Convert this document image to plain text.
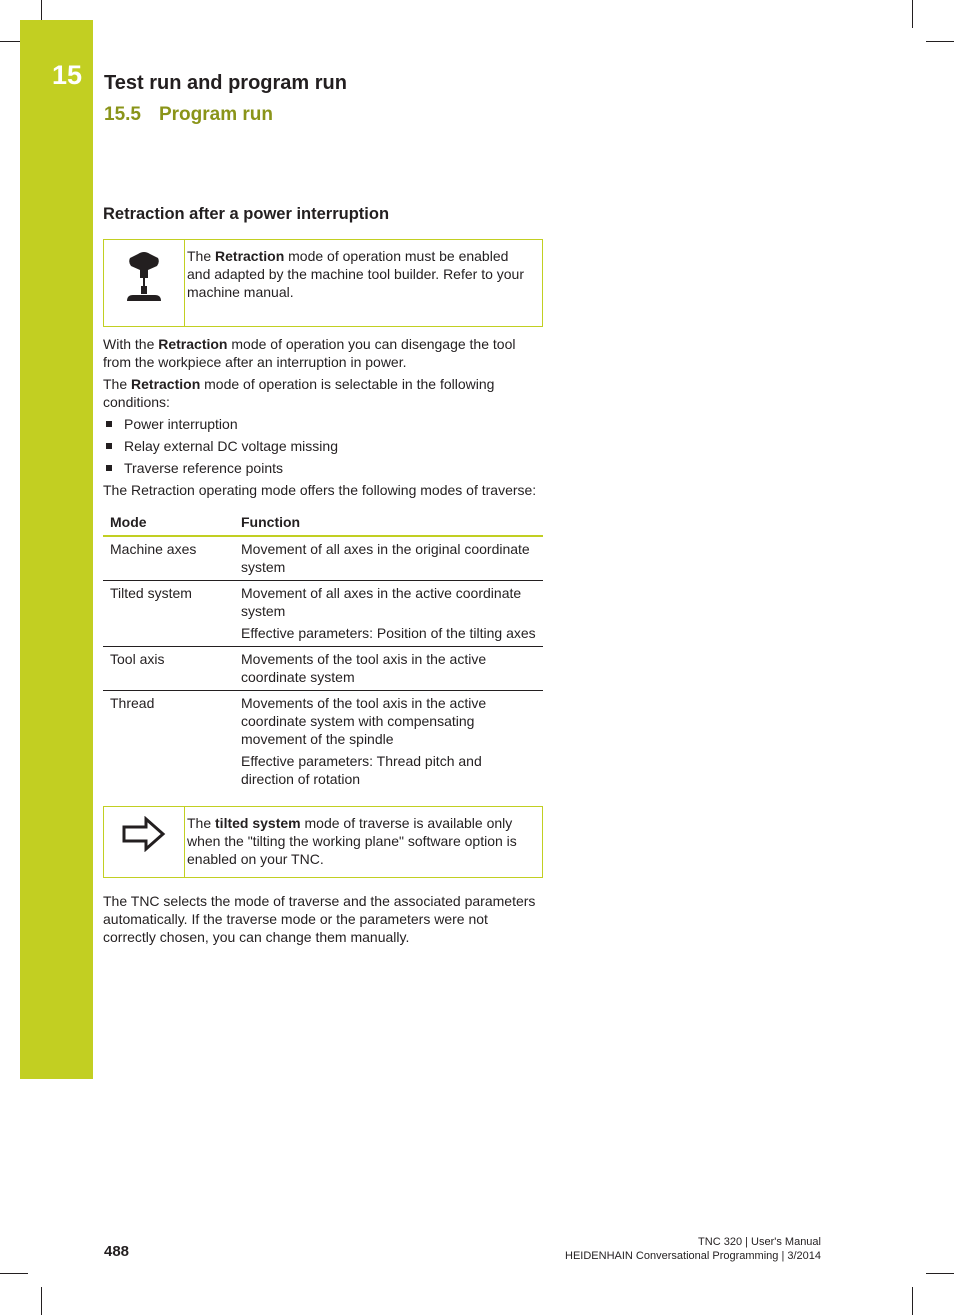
15 Test run and program run
15.5 Program run
Retraction after a power interruption
The Retraction mode of operation must be enabled and adapted by the machine tool builder. Refer to your machine manual.

With the Retraction mode of operation you can disengage the tool from the workpiece after an interruption in power.

The Retraction mode of operation is selectable in the following conditions:

Power interruption
Relay external DC voltage missing
Traverse reference points

The Retraction operating mode offers the following modes of traverse:

Mode	Function
Machine axes	Movement of all axes in the original coordinate system

Tilted system	Movement of all axes in the active coordinate system
Effective parameters: Position of the tilting axes

Tool axis	Movements of the tool axis in the active coordinate system

Thread	Movements of the tool axis in the active coordinate system with compensating movement of the spindle
Effective parameters: Thread pitch and direction of rotation
The tilted system mode of traverse is available only when the "tilting the working plane" software option is enabled on your TNC.

The TNC selects the mode of traverse and the associated parameters automatically. If the traverse mode or the parameters were not correctly chosen, you can change them manually.

488
TNC 320 | User's Manual
HEIDENHAIN Conversational Programming | 3/2014
